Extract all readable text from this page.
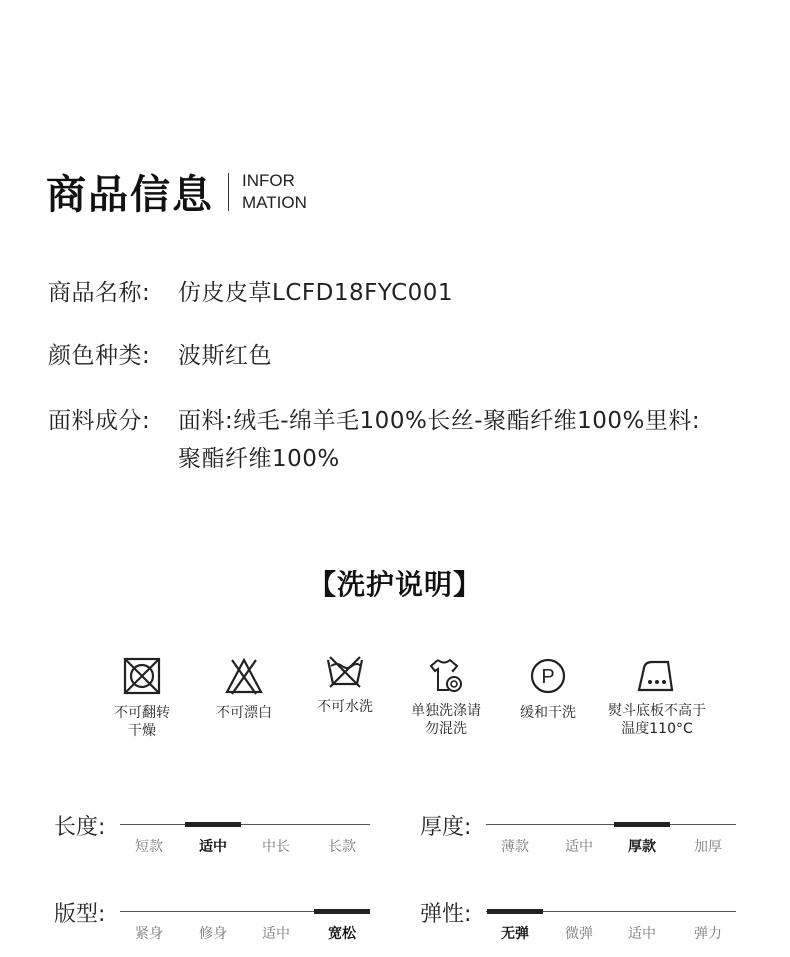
商品信息 INFOR
MATION
商品名称:	仿皮皮草LCFD18FYC001
颜色种类:	波斯红色
面料成分:	面料:绒毛-绵羊毛100%长丝-聚酯纤维100%里料:聚酯纤维100%
【洗护说明】
不可翻转干燥
不可漂白	不可水洗	单独洗涤请勿混洗
P
缓和干洗	熨斗底板不高于温度110°C
长度:
短款	适中	中长	长款
厚度:
薄款	适中	厚款	加厚
版型:
紧身	修身	适中	宽松
弹性:
无弹	微弹	适中	弹力
